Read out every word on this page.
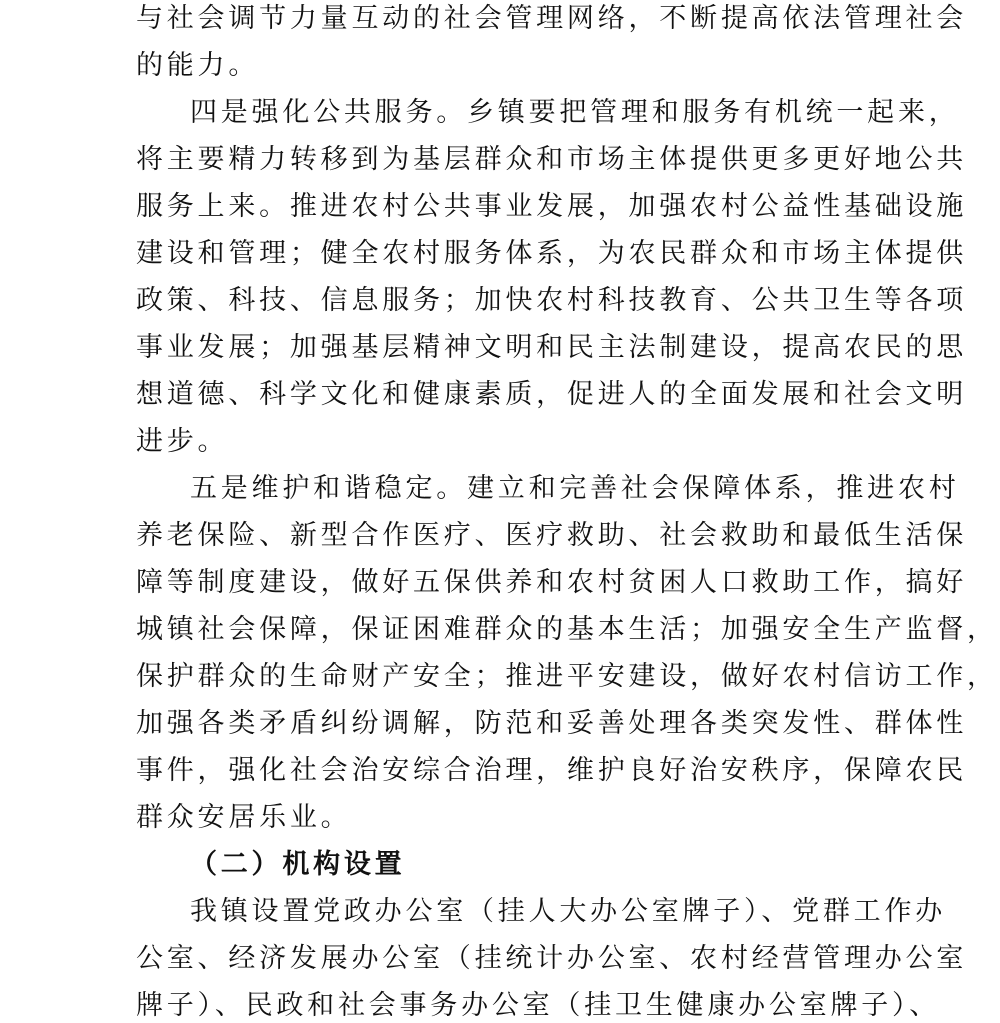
与社会调节力量互动的社会管理网络，不断提高依法管理社会
的能力。
四是强化公共服务。乡镇要把管理和服务有机统一起来，
将主要精力转移到为基层群众和市场主体提供更多更好地公共
服务上来。推进农村公共事业发展，加强农村公益性基础设施
建设和管理；健全农村服务体系，为农民群众和市场主体提供
政策、科技、信息服务；加快农村科技教育、公共卫生等各项
事业发展；加强基层精神文明和民主法制建设，提高农民的思
想道德、科学文化和健康素质，促进人的全面发展和社会文明
进步。
五是维护和谐稳定。建立和完善社会保障体系，推进农村
养老保险、新型合作医疗、医疗救助、社会救助和最低生活保
障等制度建设，做好五保供养和农村贫困人口救助工作，搞好
城镇社会保障，保证困难群众的基本生活；加强安全生产监督，
保护群众的生命财产安全；推进平安建设，做好农村信访工作，
加强各类矛盾纠纷调解，防范和妥善处理各类突发性、群体性
事件，强化社会治安综合治理，维护良好治安秩序，保障农民
群众安居乐业。
（二）机构设置
我镇设置党政办公室（挂人大办公室牌子）、党群工作办
公室、经济发展办公室（挂统计办公室、农村经营管理办公室
牌子）、民政和社会事务办公室（挂卫生健康办公室牌子）、
